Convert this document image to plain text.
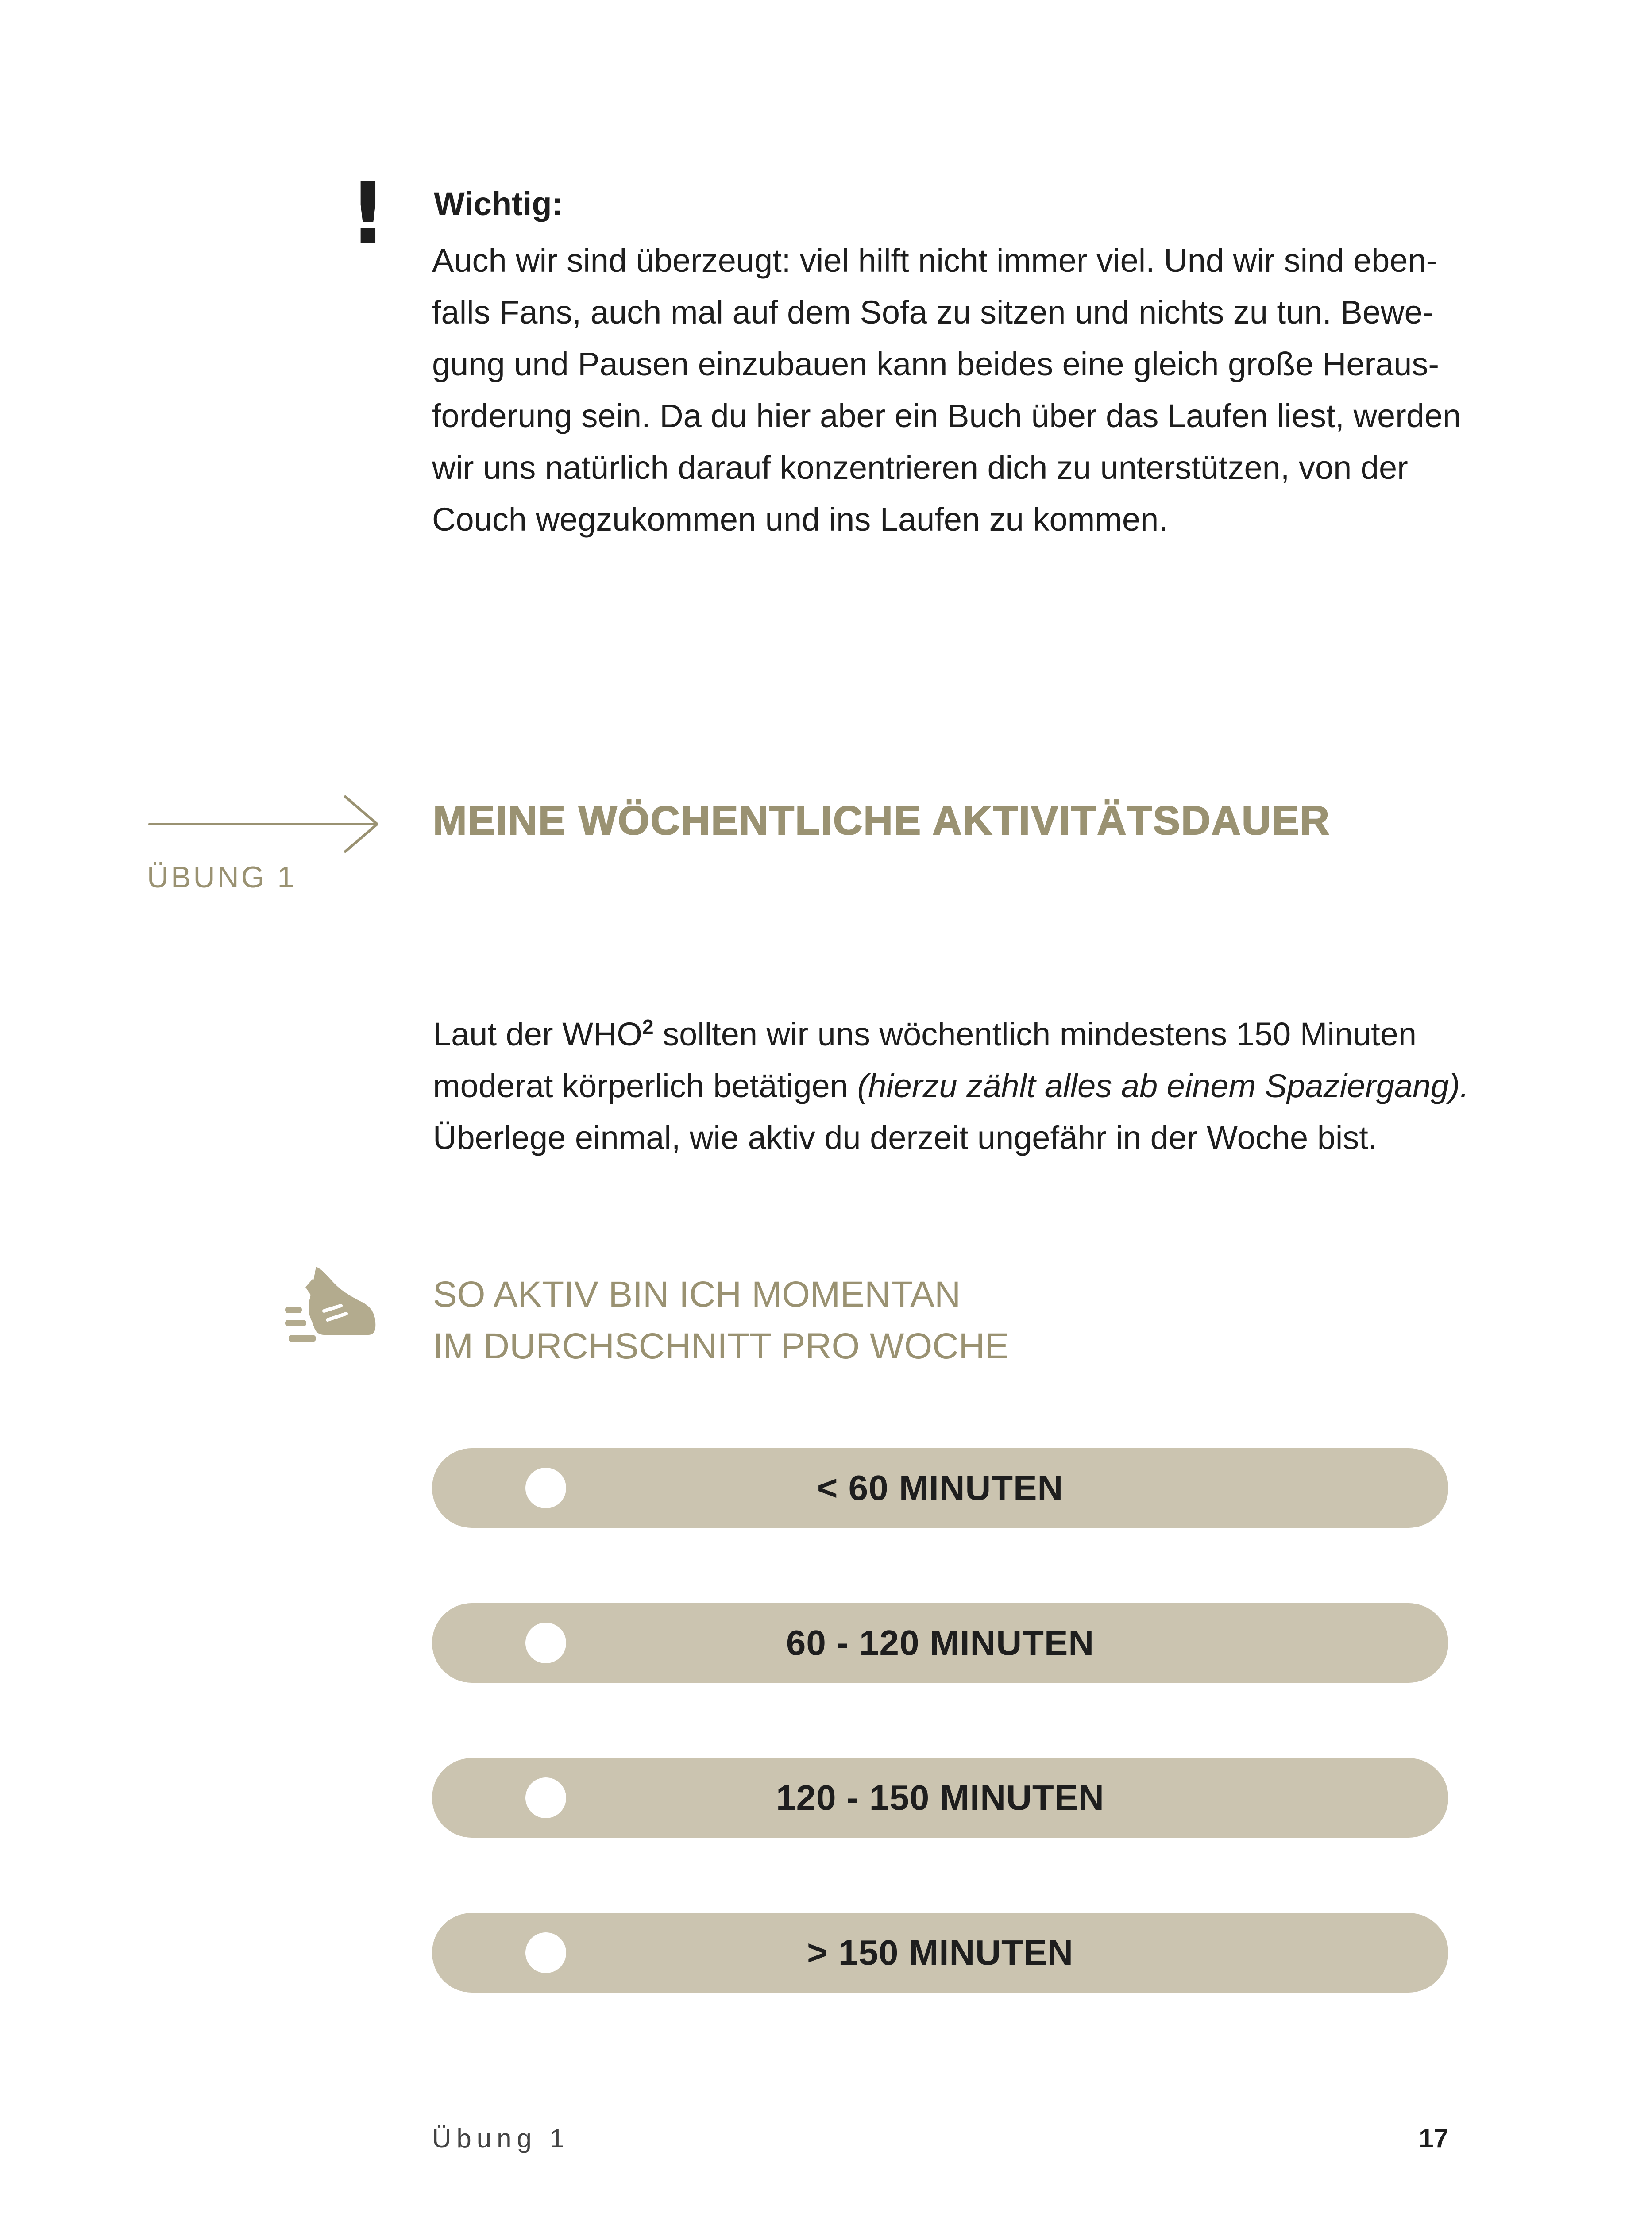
! Wichtig:
Auch wir sind überzeugt: viel hilft nicht immer viel. Und wir sind eben-
falls Fans, auch mal auf dem Sofa zu sitzen und nichts zu tun. Bewe-
gung und Pausen einzubauen kann beides eine gleich große Heraus-
forderung sein. Da du hier aber ein Buch über das Laufen liest, werden
wir uns natürlich darauf konzentrieren dich zu unterstützen, von der
Couch wegzukommen und ins Laufen zu kommen.
ÜBUNG 1
MEINE WÖCHENTLICHE AKTIVITÄTSDAUER
Laut der WHO$^2$ sollten wir uns wöchentlich mindestens 150 Minuten
moderat körperlich betätigen (hierzu zählt alles ab einem Spaziergang).
Überlege einmal, wie aktiv du derzeit ungefähr in der Woche bist.
SO AKTIV BIN ICH MOMENTAN
IM DURCHSCHNITT PRO WOCHE
< 60 MINUTEN
60 - 120 MINUTEN
120 - 150 MINUTEN
> 150 MINUTEN
Übung 1	17
